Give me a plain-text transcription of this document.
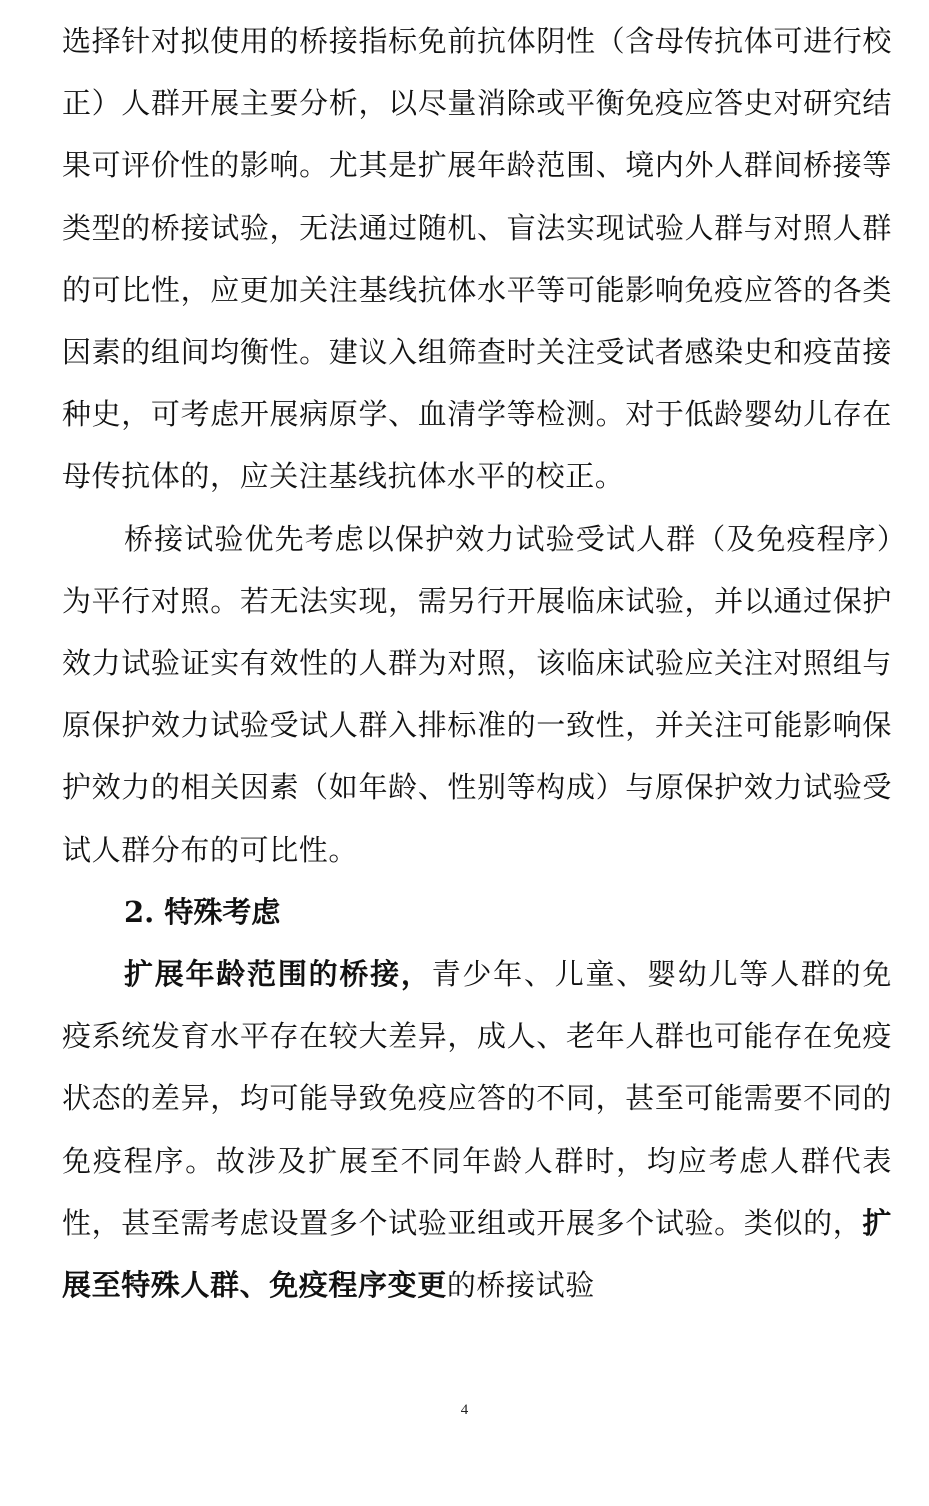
选择针对拟使用的桥接指标免前抗体阴性（含母传抗体可进行校正）人群开展主要分析，以尽量消除或平衡免疫应答史对研究结果可评价性的影响。尤其是扩展年龄范围、境内外人群间桥接等类型的桥接试验，无法通过随机、盲法实现试验人群与对照人群的可比性，应更加关注基线抗体水平等可能影响免疫应答的各类因素的组间均衡性。建议入组筛查时关注受试者感染史和疫苗接种史，可考虑开展病原学、血清学等检测。对于低龄婴幼儿存在母传抗体的，应关注基线抗体水平的校正。

桥接试验优先考虑以保护效力试验受试人群（及免疫程序）为平行对照。若无法实现，需另行开展临床试验，并以通过保护效力试验证实有效性的人群为对照，该临床试验应关注对照组与原保护效力试验受试人群入排标准的一致性，并关注可能影响保护效力的相关因素（如年龄、性别等构成）与原保护效力试验受试人群分布的可比性。

2. 特殊考虑

扩展年龄范围的桥接，青少年、儿童、婴幼儿等人群的免疫系统发育水平存在较大差异，成人、老年人群也可能存在免疫状态的差异，均可能导致免疫应答的不同，甚至可能需要不同的免疫程序。故涉及扩展至不同年龄人群时，均应考虑人群代表性，甚至需考虑设置多个试验亚组或开展多个试验。类似的，扩展至特殊人群、免疫程序变更的桥接试验

4
